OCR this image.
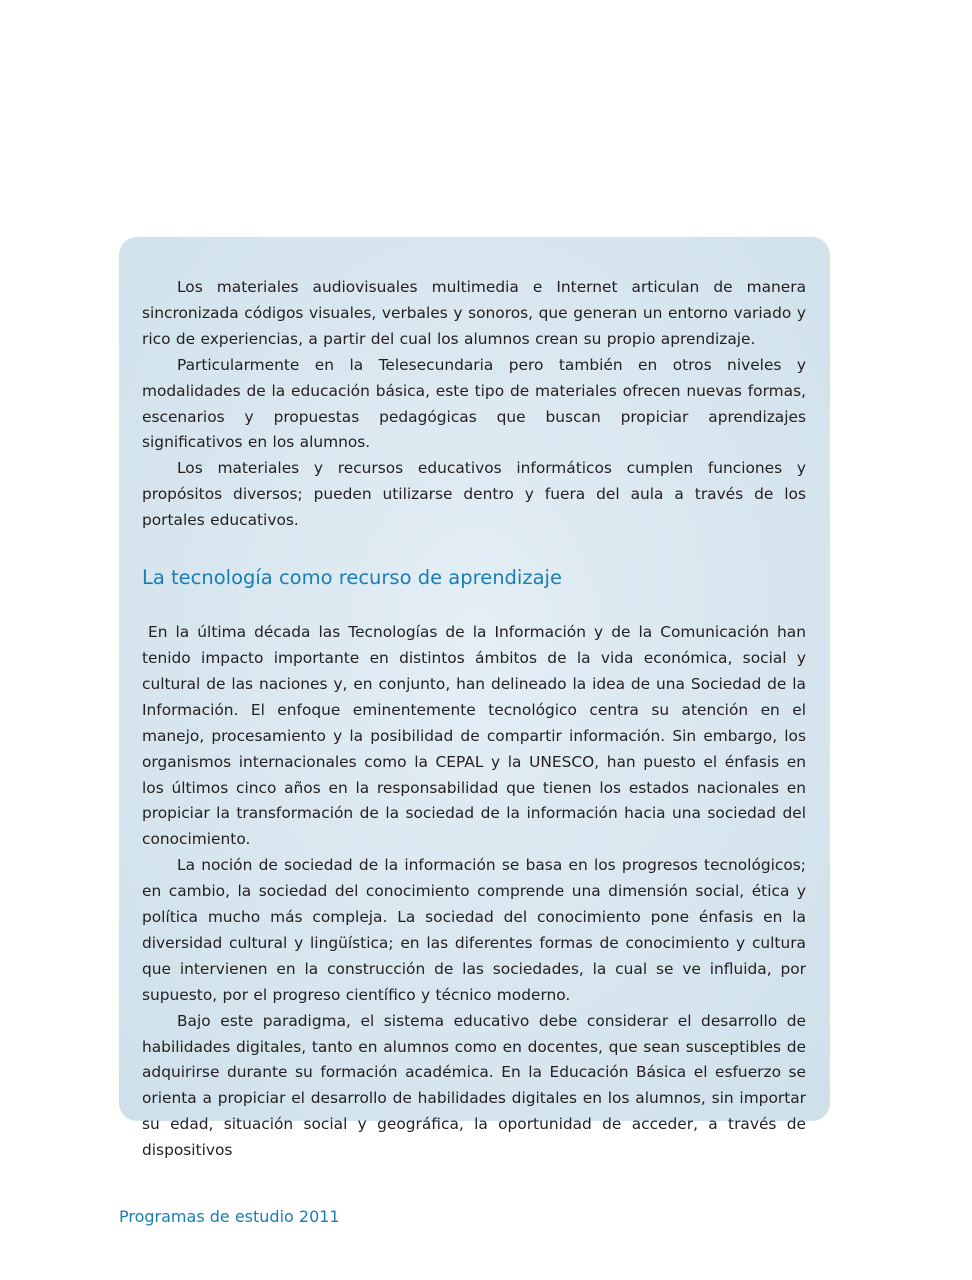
Los materiales audiovisuales multimedia e Internet articulan de manera sincronizada códigos visuales, verbales y sonoros, que generan un entorno variado y rico de experiencias, a partir del cual los alumnos crean su propio aprendizaje.

Particularmente en la Telesecundaria pero también en otros niveles y modalidades de la educación básica, este tipo de materiales ofrecen nuevas formas, escenarios y propuestas pedagógicas que buscan propiciar aprendizajes significativos en los alumnos.

Los materiales y recursos educativos informáticos cumplen funciones y propósitos diversos; pueden utilizarse dentro y fuera del aula a través de los portales educativos.

La tecnología como recurso de aprendizaje

En la última década las Tecnologías de la Información y de la Comunicación han tenido impacto importante en distintos ámbitos de la vida económica, social y cultural de las naciones y, en conjunto, han delineado la idea de una Sociedad de la Información. El enfoque eminentemente tecnológico centra su atención en el manejo, procesamiento y la posibilidad de compartir información. Sin embargo, los organismos internacionales como la CEPAL y la UNESCO, han puesto el énfasis en los últimos cinco años en la responsabilidad que tienen los estados nacionales en propiciar la transformación de la sociedad de la información hacia una sociedad del conocimiento.

La noción de sociedad de la información se basa en los progresos tecnológicos; en cambio, la sociedad del conocimiento comprende una dimensión social, ética y política mucho más compleja. La sociedad del conocimiento pone énfasis en la diversidad cultural y lingüística; en las diferentes formas de conocimiento y cultura que intervienen en la construcción de las sociedades, la cual se ve influida, por supuesto, por el progreso científico y técnico moderno.

Bajo este paradigma, el sistema educativo debe considerar el desarrollo de habilidades digitales, tanto en alumnos como en docentes, que sean susceptibles de adquirirse durante su formación académica. En la Educación Básica el esfuerzo se orienta a propiciar el desarrollo de habilidades digitales en los alumnos, sin importar su edad, situación social y geográfica, la oportunidad de acceder, a través de dispositivos

Programas de estudio 2011
